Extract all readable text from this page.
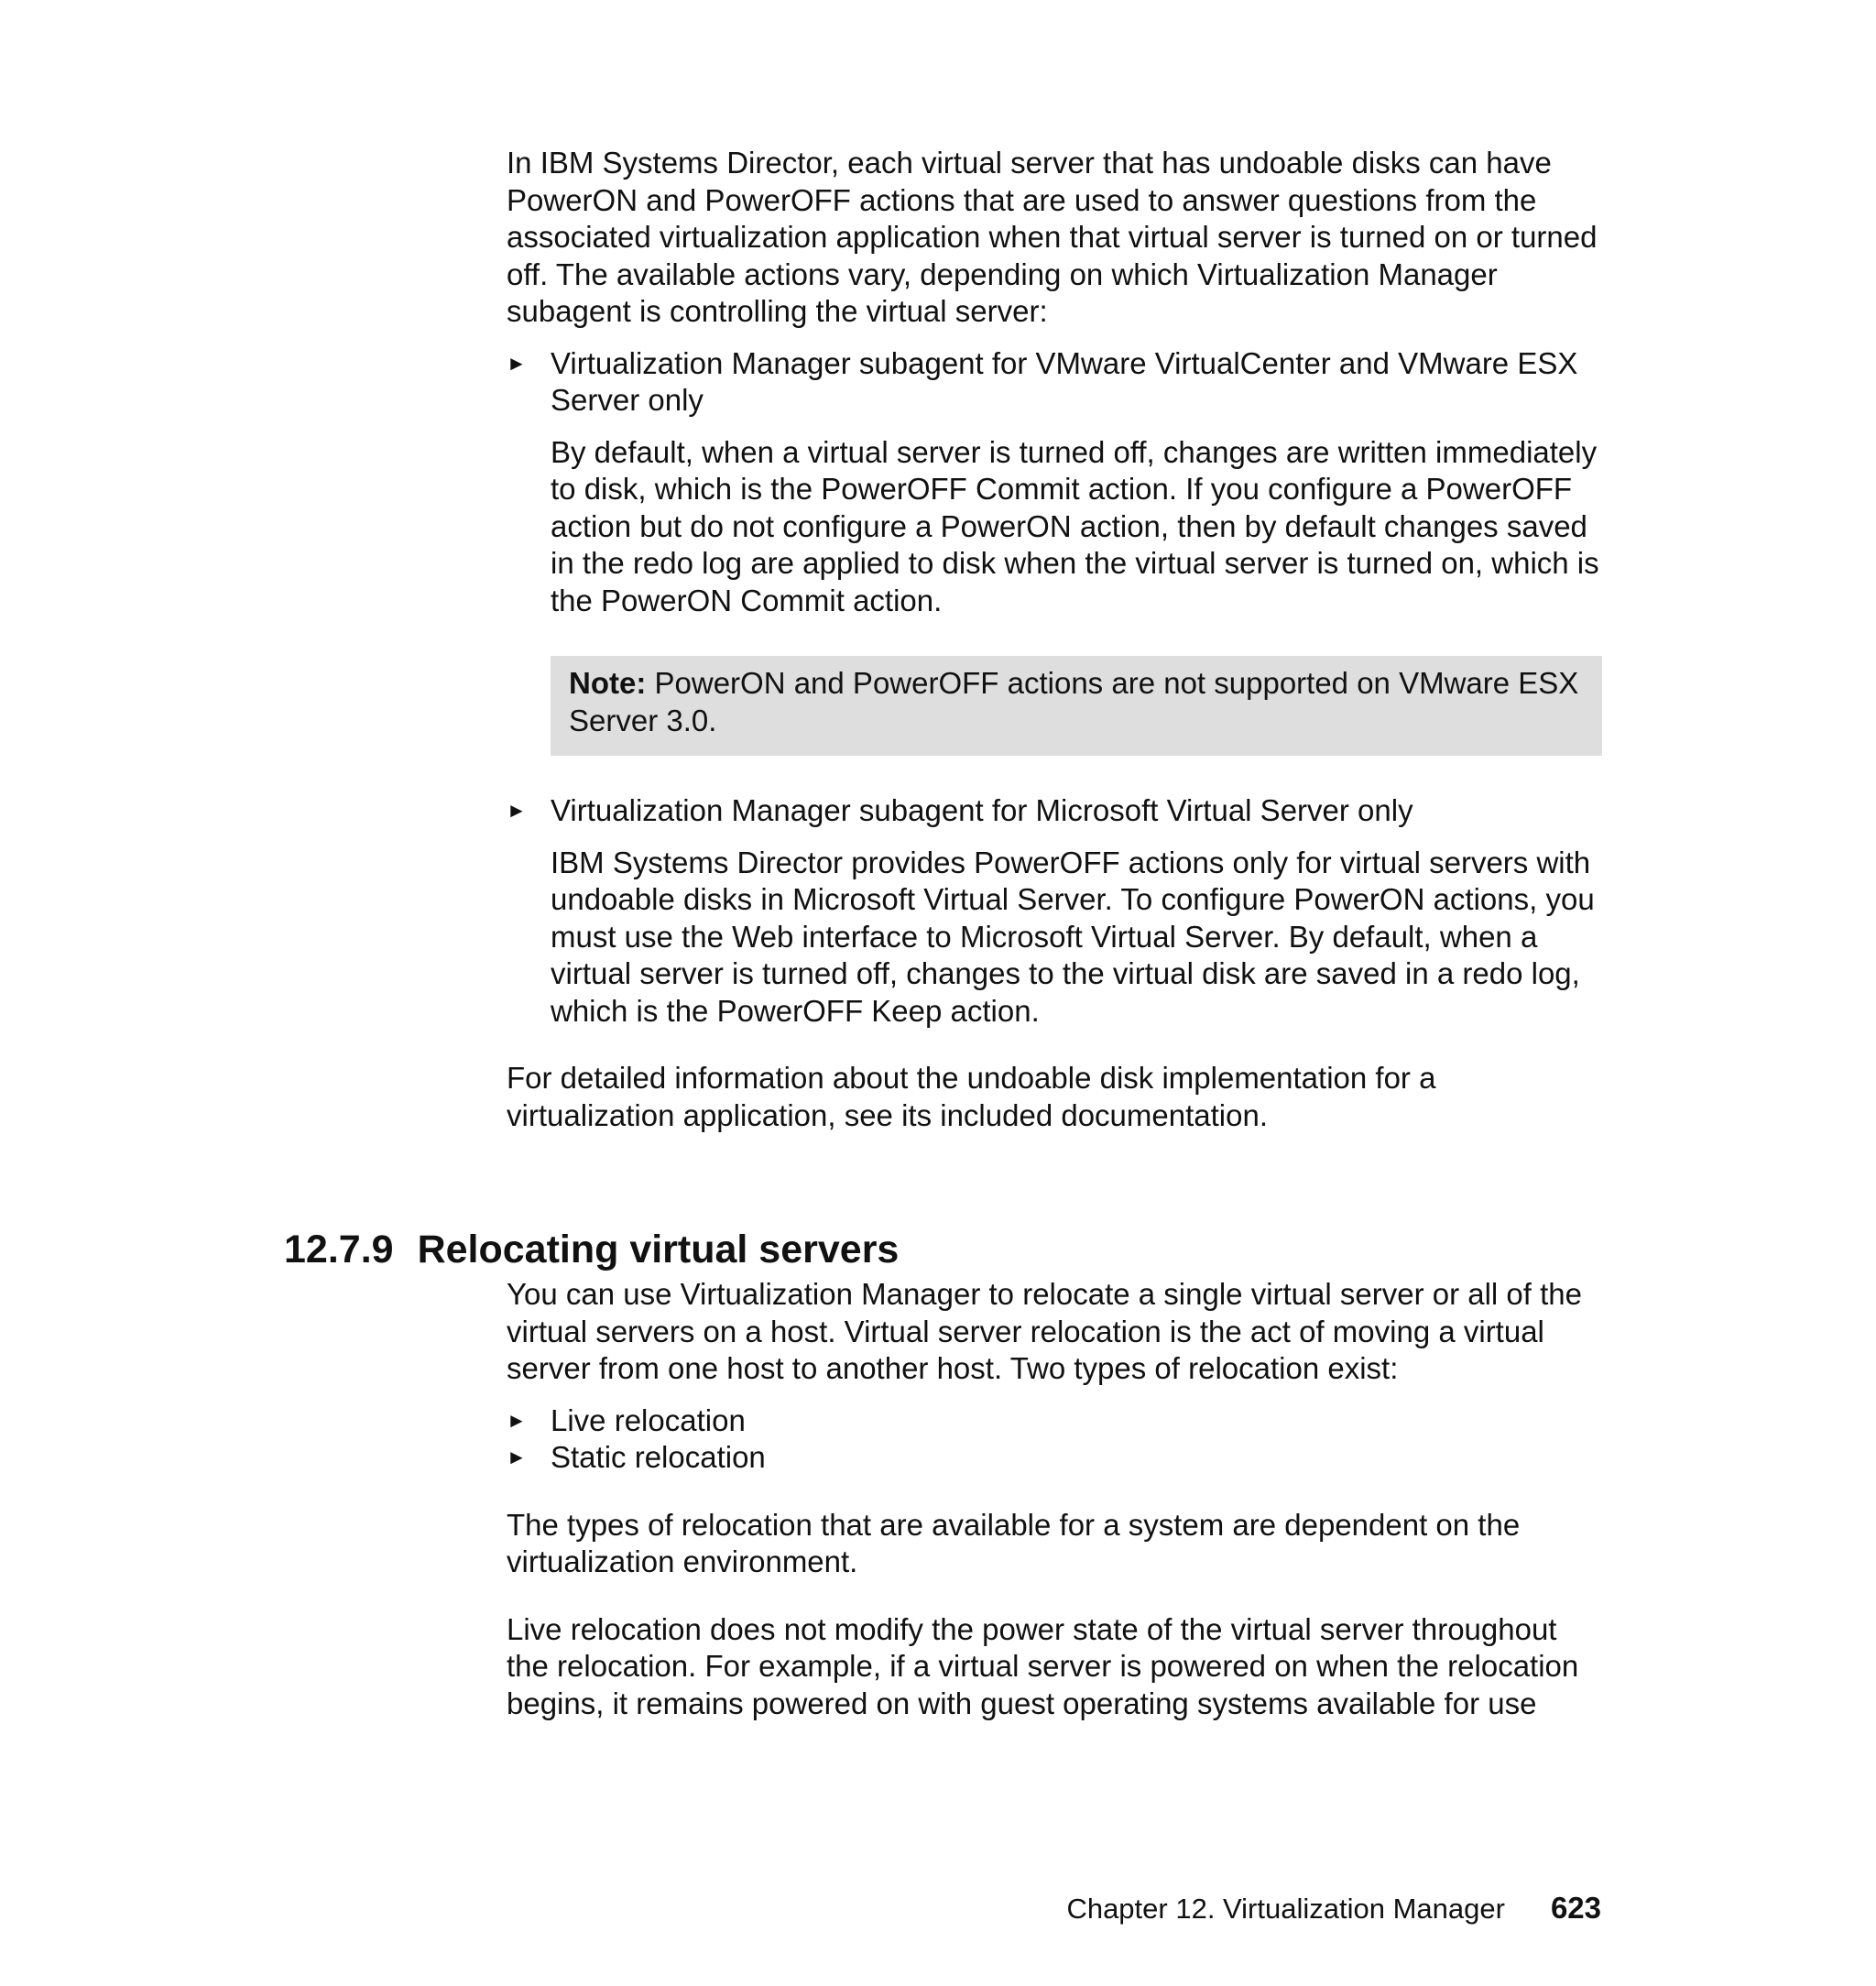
In IBM Systems Director, each virtual server that has undoable disks can have PowerON and PowerOFF actions that are used to answer questions from the associated virtualization application when that virtual server is turned on or turned off. The available actions vary, depending on which Virtualization Manager subagent is controlling the virtual server:

► Virtualization Manager subagent for VMware VirtualCenter and VMware ESX Server only

By default, when a virtual server is turned off, changes are written immediately to disk, which is the PowerOFF Commit action. If you configure a PowerOFF action but do not configure a PowerON action, then by default changes saved in the redo log are applied to disk when the virtual server is turned on, which is the PowerON Commit action.

Note: PowerON and PowerOFF actions are not supported on VMware ESX Server 3.0.
► Virtualization Manager subagent for Microsoft Virtual Server only

IBM Systems Director provides PowerOFF actions only for virtual servers with undoable disks in Microsoft Virtual Server. To configure PowerON actions, you must use the Web interface to Microsoft Virtual Server. By default, when a virtual server is turned off, changes to the virtual disk are saved in a redo log, which is the PowerOFF Keep action.

For detailed information about the undoable disk implementation for a virtualization application, see its included documentation.

12.7.9 Relocating virtual servers

You can use Virtualization Manager to relocate a single virtual server or all of the virtual servers on a host. Virtual server relocation is the act of moving a virtual server from one host to another host. Two types of relocation exist:

► Live relocation
► Static relocation

The types of relocation that are available for a system are dependent on the virtualization environment.

Live relocation does not modify the power state of the virtual server throughout the relocation. For example, if a virtual server is powered on when the relocation begins, it remains powered on with guest operating systems available for use

Chapter 12. Virtualization Manager 623
